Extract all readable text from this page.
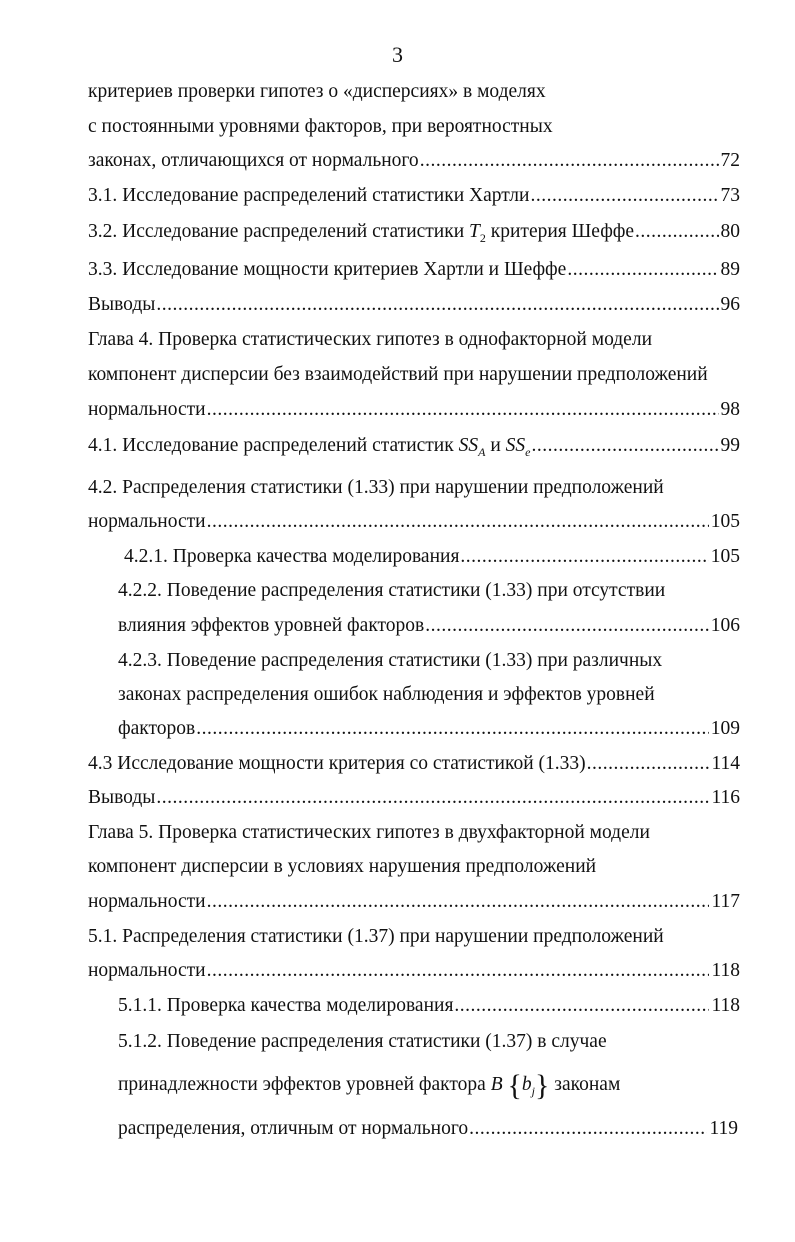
3
критериев проверки гипотез о «дисперсиях» в моделях
с постоянными уровнями факторов, при вероятностных
законах, отличающихся от нормального .....	72
3.1. Исследование распределений статистики Хартли .....	73
3.2. Исследование распределений статистики $T_2$ критерия Шеффе .....	80
3.3. Исследование мощности критериев Хартли и Шеффе .....	89
Выводы .....	96
Глава 4. Проверка статистических гипотез в однофакторной модели
компонент дисперсии без взаимодействий при нарушении предположений
нормальности .....	98
4.1. Исследование распределений статистик $SS_A$ и $SS_e$ .....	99
4.2. Распределения статистики (1.33) при нарушении предположений
нормальности .....	105
4.2.1. Проверка качества моделирования .....	105
4.2.2. Поведение распределения статистики (1.33) при отсутствии
влияния эффектов уровней факторов .....	106
4.2.3. Поведение распределения статистики (1.33) при различных
законах распределения ошибок наблюдения и эффектов уровней
факторов .....	109
4.3 Исследование мощности критерия со статистикой (1.33) .....	114
Выводы .....	116
Глава 5. Проверка статистических гипотез в двухфакторной модели
компонент дисперсии в условиях нарушения предположений
нормальности .....	117
5.1. Распределения статистики (1.37) при нарушении предположений
нормальности .....	118
5.1.1. Проверка качества моделирования .....	118
5.1.2. Поведение распределения статистики (1.37) в случае
принадлежности эффектов уровней фактора B $\{b_j\}$ законам
распределения, отличным от нормального .....	119
